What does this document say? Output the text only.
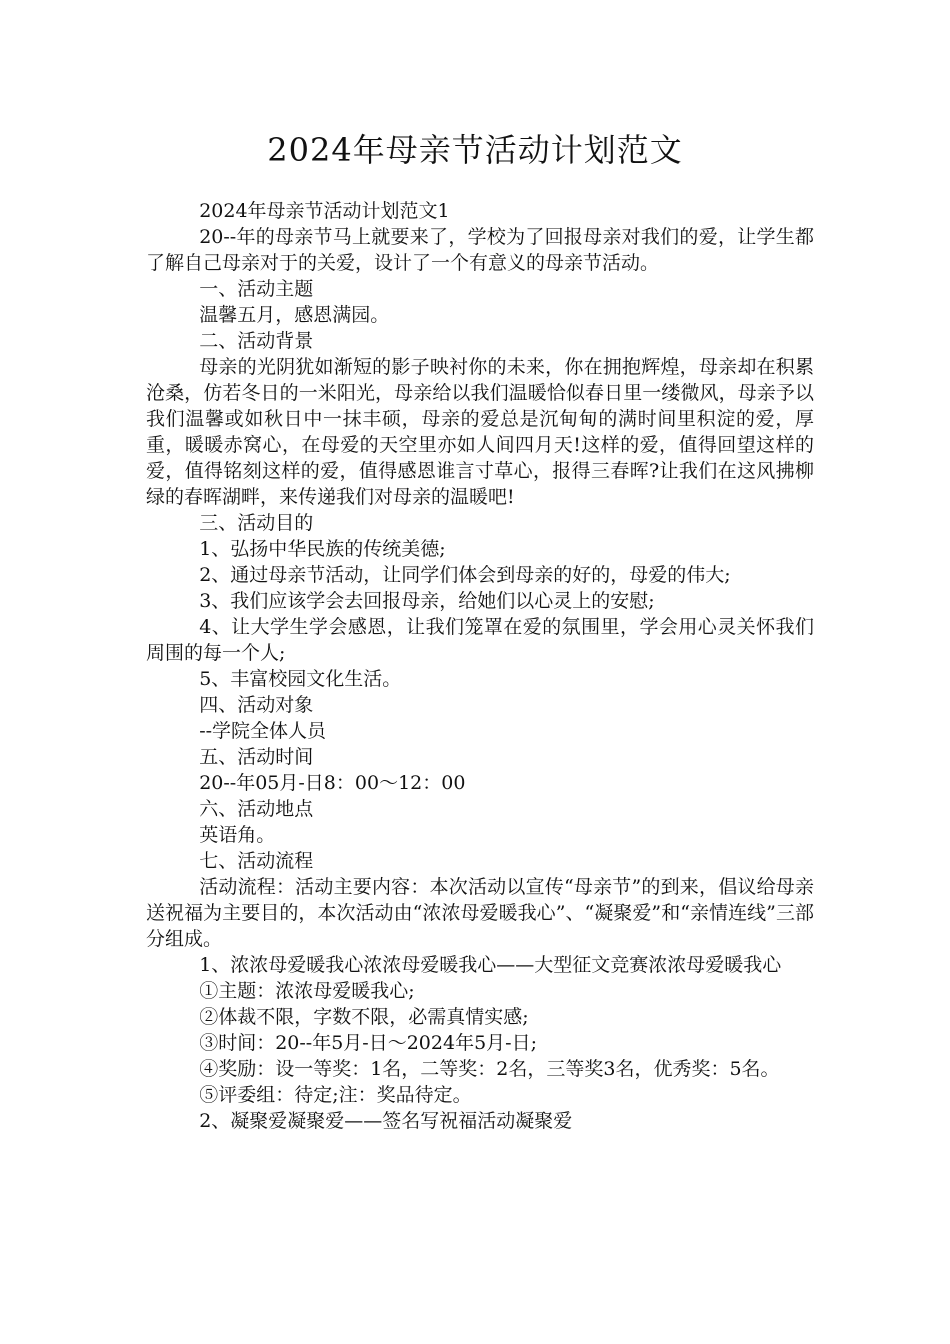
2024年母亲节活动计划范文

2024年母亲节活动计划范文1

20--年的母亲节马上就要来了，学校为了回报母亲对我们的爱，让学生都了解自己母亲对于的关爱，设计了一个有意义的母亲节活动。

一、活动主题

温馨五月，感恩满园。

二、活动背景

母亲的光阴犹如渐短的影子映衬你的未来，你在拥抱辉煌，母亲却在积累沧桑，仿若冬日的一米阳光，母亲给以我们温暖恰似春日里一缕微风，母亲予以我们温馨或如秋日中一抹丰硕，母亲的爱总是沉甸甸的满时间里积淀的爱，厚重，暖暖赤窝心，在母爱的天空里亦如人间四月天!这样的爱，值得回望这样的爱，值得铭刻这样的爱，值得感恩谁言寸草心，报得三春晖?让我们在这风拂柳绿的春晖湖畔，来传递我们对母亲的温暖吧!

三、活动目的

1、弘扬中华民族的传统美德;

2、通过母亲节活动，让同学们体会到母亲的好的，母爱的伟大;

3、我们应该学会去回报母亲，给她们以心灵上的安慰;

4、让大学生学会感恩，让我们笼罩在爱的氛围里，学会用心灵关怀我们周围的每一个人;

5、丰富校园文化生活。

四、活动对象

--学院全体人员

五、活动时间

20--年05月-日8：00～12：00

六、活动地点

英语角。

七、活动流程

活动流程：活动主要内容：本次活动以宣传“母亲节”的到来，倡议给母亲送祝福为主要目的，本次活动由“浓浓母爱暖我心”、“凝聚爱”和“亲情连线”三部分组成。

1、浓浓母爱暖我心浓浓母爱暖我心——大型征文竞赛浓浓母爱暖我心

①主题：浓浓母爱暖我心;

②体裁不限，字数不限，必需真情实感;

③时间：20--年5月-日～2024年5月-日;

④奖励：设一等奖：1名，二等奖：2名，三等奖3名，优秀奖：5名。

⑤评委组：待定;注：奖品待定。

2、凝聚爱凝聚爱——签名写祝福活动凝聚爱
